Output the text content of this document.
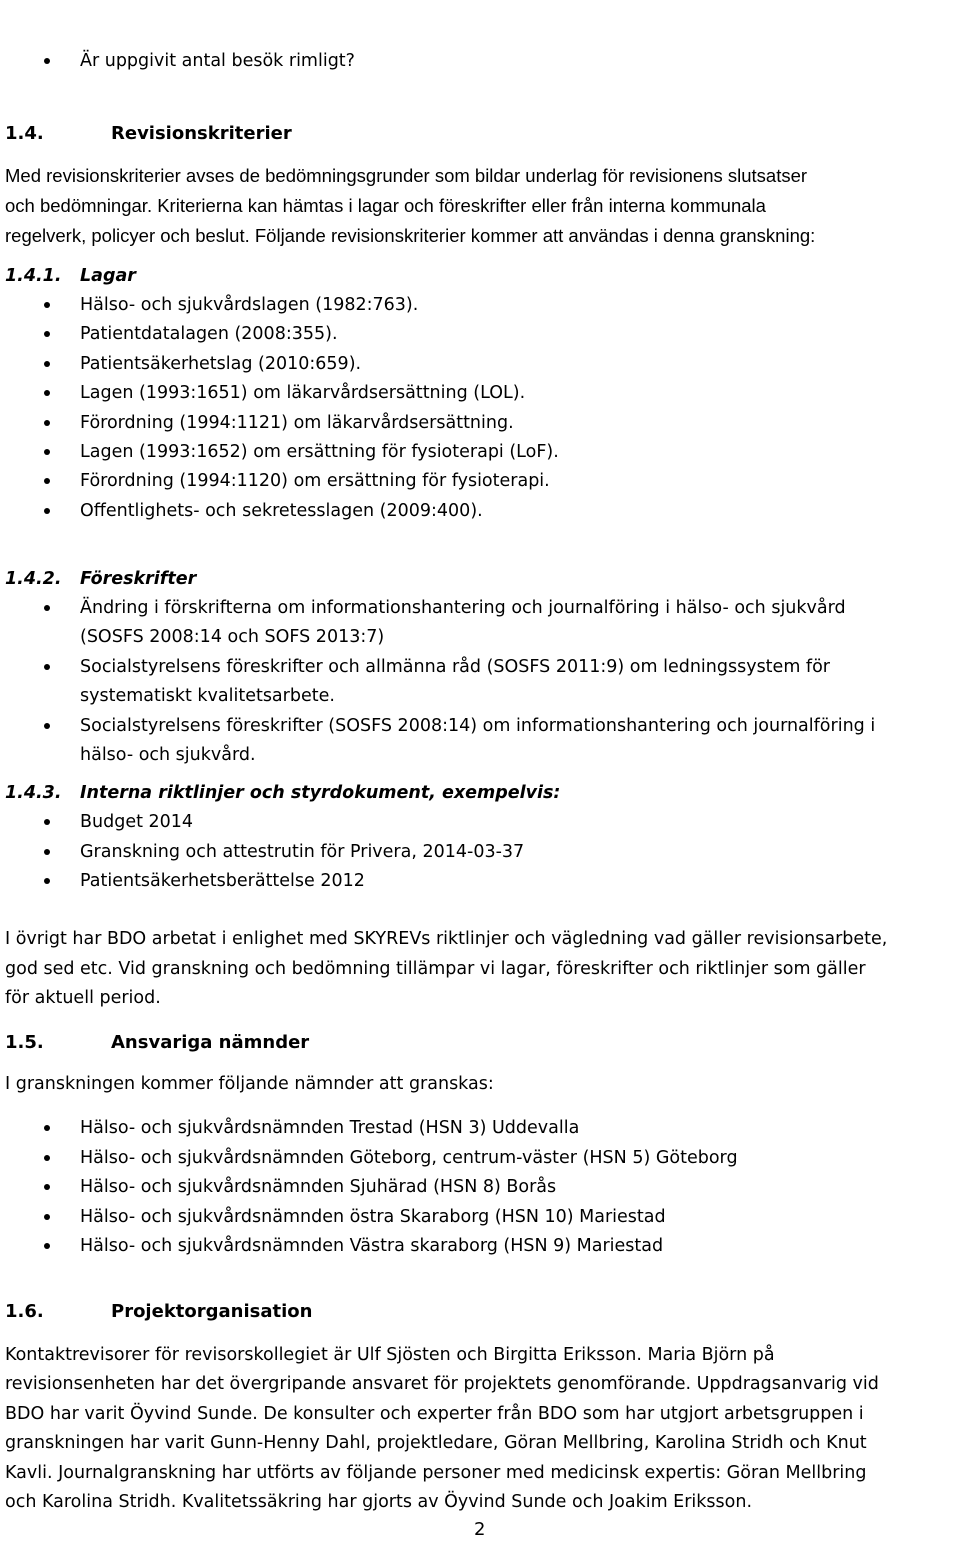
Är uppgivit antal besök rimligt?
1.4.	Revisionskriterier
Med revisionskriterier avses de bedömningsgrunder som bildar underlag för revisionens slutsatser
och bedömningar. Kriterierna kan hämtas i lagar och föreskrifter eller från interna kommunala
regelverk, policyer och beslut. Följande revisionskriterier kommer att användas i denna granskning:
1.4.1. Lagar
Hälso- och sjukvårdslagen (1982:763).
Patientdatalagen (2008:355).
Patientsäkerhetslag (2010:659).
Lagen (1993:1651) om läkarvårdsersättning (LOL).
Förordning (1994:1121) om läkarvårdsersättning.
Lagen (1993:1652) om ersättning för fysioterapi (LoF).
Förordning (1994:1120) om ersättning för fysioterapi.
Offentlighets- och sekretesslagen (2009:400).
1.4.2. Föreskrifter
Ändring i förskrifterna om informationshantering och journalföring i hälso- och sjukvård
(SOSFS 2008:14 och SOFS 2013:7)
Socialstyrelsens föreskrifter och allmänna råd (SOSFS 2011:9) om ledningssystem för
systematiskt kvalitetsarbete.
Socialstyrelsens föreskrifter (SOSFS 2008:14) om informationshantering och journalföring i
hälso- och sjukvård.
1.4.3. Interna riktlinjer och styrdokument, exempelvis:
Budget 2014
Granskning och attestrutin för Privera, 2014-03-37
Patientsäkerhetsberättelse 2012
I övrigt har BDO arbetat i enlighet med SKYREVs riktlinjer och vägledning vad gäller revisionsarbete,
god sed etc. Vid granskning och bedömning tillämpar vi lagar, föreskrifter och riktlinjer som gäller
för aktuell period.
1.5.	Ansvariga nämnder
I granskningen kommer följande nämnder att granskas:
Hälso- och sjukvårdsnämnden Trestad (HSN 3) Uddevalla
Hälso- och sjukvårdsnämnden Göteborg, centrum-väster (HSN 5) Göteborg
Hälso- och sjukvårdsnämnden Sjuhärad (HSN 8) Borås
Hälso- och sjukvårdsnämnden östra Skaraborg (HSN 10) Mariestad
Hälso- och sjukvårdsnämnden Västra skaraborg (HSN 9) Mariestad
1.6.	Projektorganisation
Kontaktrevisorer för revisorskollegiet är Ulf Sjösten och Birgitta Eriksson. Maria Björn på
revisionsenheten har det övergripande ansvaret för projektets genomförande. Uppdragsanvarig vid
BDO har varit Öyvind Sunde. De konsulter och experter från BDO som har utgjort arbetsgruppen i
granskningen har varit Gunn-Henny Dahl, projektledare, Göran Mellbring, Karolina Stridh och Knut
Kavli. Journalgranskning har utförts av följande personer med medicinsk expertis: Göran Mellbring
och Karolina Stridh. Kvalitetssäkring har gjorts av Öyvind Sunde och Joakim Eriksson.
2
